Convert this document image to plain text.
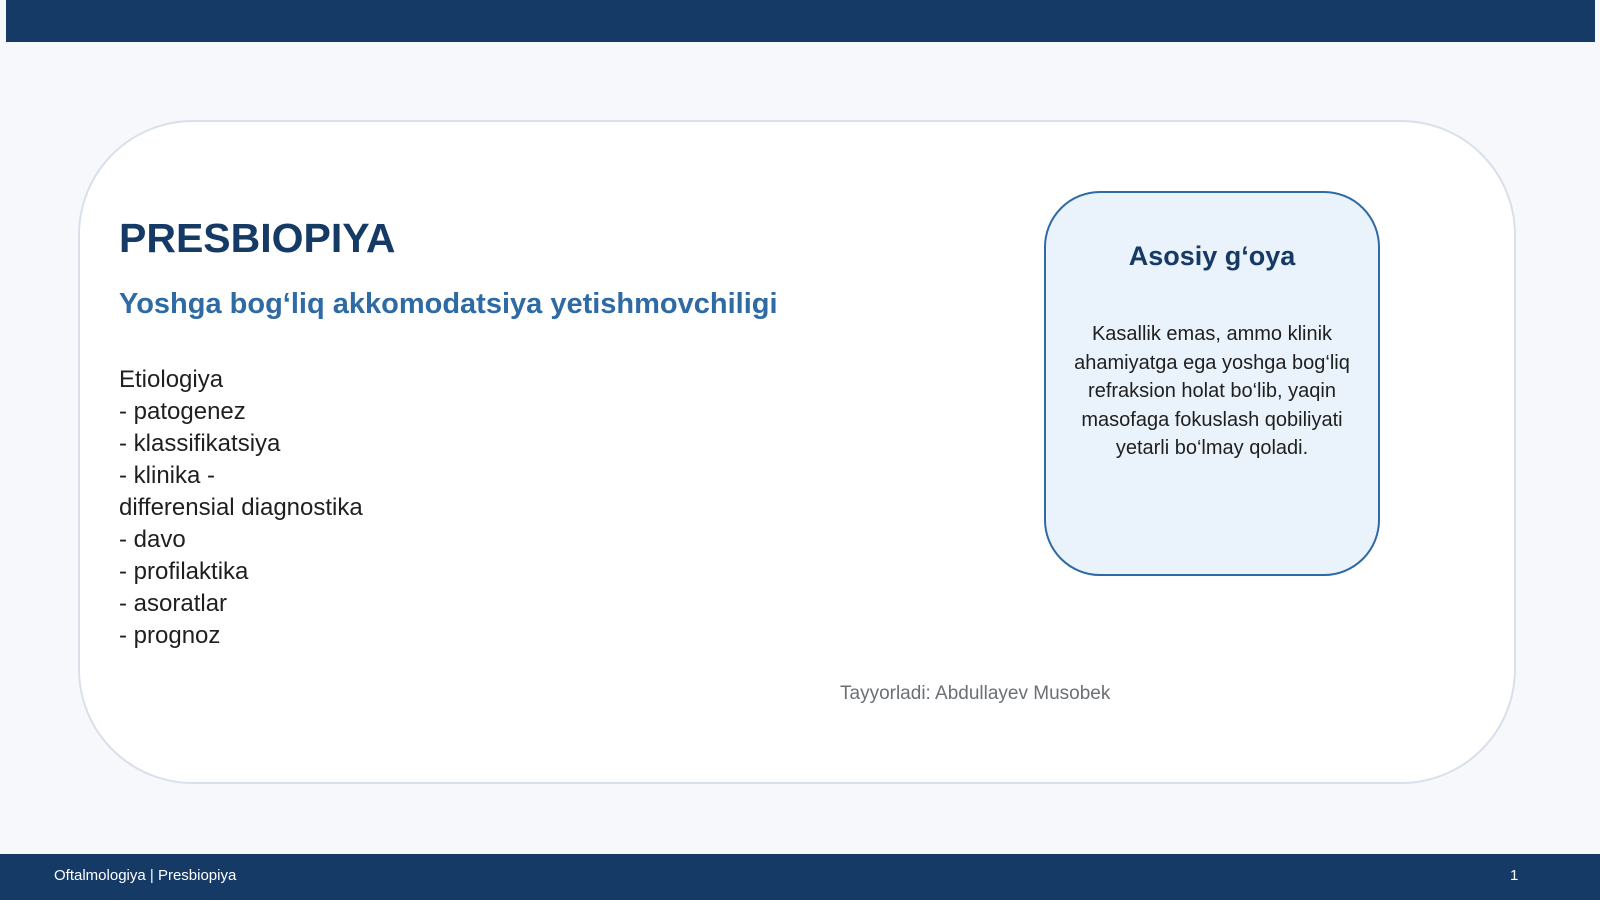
PRESBIOPIYA
Yoshga bog‘liq akkomodatsiya yetishmovchiligi
Etiologiya
- patogenez
- klassifikatsiya
- klinika -
differensial diagnostika
- davo
- profilaktika
- asoratlar
- prognoz
Asosiy g‘oya

Kasallik emas, ammo klinik ahamiyatga ega yoshga bog‘liq refraksion holat bo‘lib, yaqin masofaga fokuslash qobiliyati yetarli bo‘lmay qoladi.

Tayyorladi: Abdullayev Musobek
Oftalmologiya | Presbiopiya	1
